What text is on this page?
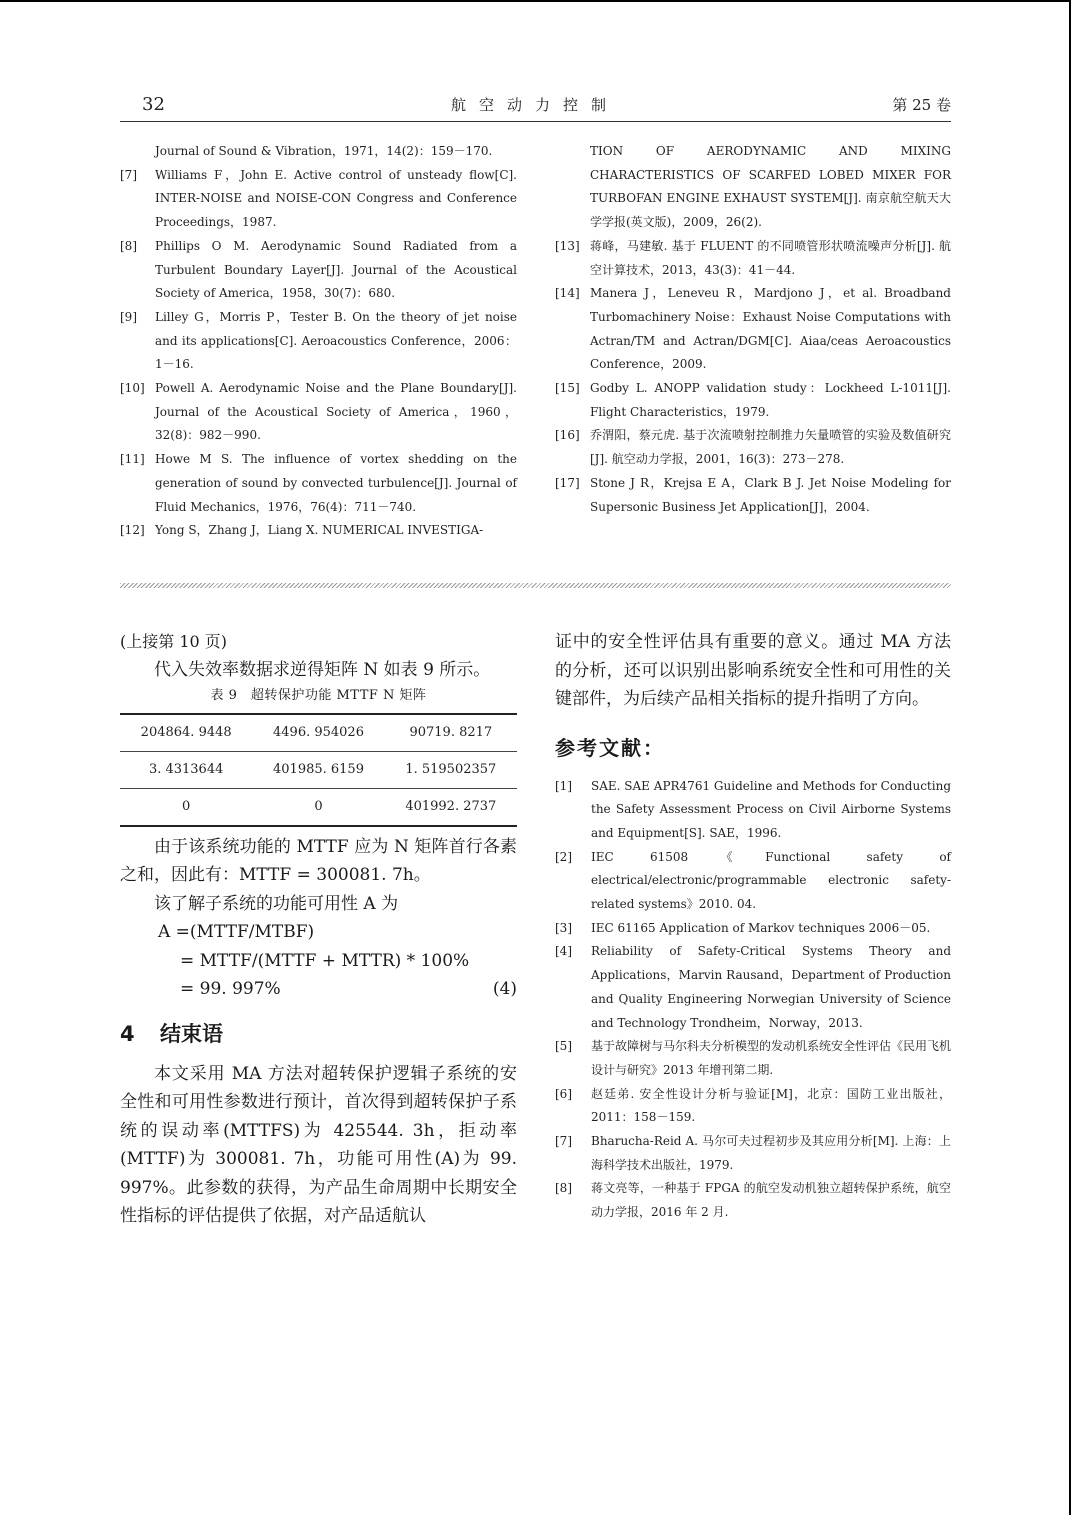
32	航空动力控制	第 25 卷
Journal of Sound & Vibration，1971，14(2)：159－170.
[7]	Williams F，John E. Active control of unsteady flow[C]. INTER-NOISE and NOISE-CON Congress and Conference Proceedings，1987.
[8]	Phillips O M. Aerodynamic Sound Radiated from a Turbulent Boundary Layer[J]. Journal of the Acoustical Society of America，1958，30(7)：680.
[9]	Lilley G，Morris P，Tester B. On the theory of jet noise and its applications[C]. Aeroacoustics Conference，2006：1－16.
[10] Powell A. Aerodynamic Noise and the Plane Boundary[J]. Journal of the Acoustical Society of America，1960，32(8)：982－990.
[11] Howe M S. The influence of vortex shedding on the generation of sound by convected turbulence[J]. Journal of Fluid Mechanics，1976，76(4)：711－740.
[12] Yong S，Zhang J，Liang X. NUMERICAL INVESTIGA-
TION OF AERODYNAMIC AND MIXING CHARACTERISTICS OF SCARFED LOBED MIXER FOR TURBOFAN ENGINE EXHAUST SYSTEM[J]. 南京航空航天大学学报(英文版)，2009，26(2).
[13] 蒋峰，马建敏. 基于 FLUENT 的不同喷管形状喷流噪声分析[J]. 航空计算技术，2013，43(3)：41－44.
[14] Manera J，Leneveu R，Mardjono J，et al. Broadband Turbomachinery Noise：Exhaust Noise Computations with Actran/TM and Actran/DGM[C]. Aiaa/ceas Aeroacoustics Conference，2009.
[15] Godby L. ANOPP validation study：Lockheed L-1011[J]. Flight Characteristics，1979.
[16] 乔渭阳，蔡元虎. 基于次流喷射控制推力矢量喷管的实验及数值研究[J]. 航空动力学报，2001，16(3)：273－278.
[17] Stone J R，Krejsa E A，Clark B J. Jet Noise Modeling for Supersonic Business Jet Application[J]，2004.

(上接第 10 页)

代入失效率数据求逆得矩阵 N 如表 9 所示。

表 9　超转保护功能 MTTF N 矩阵

204864. 9448	4496. 954026	90719. 8217
3. 4313644	401985. 6159	1. 519502357
0	0	401992. 2737

由于该系统功能的 MTTF 应为 N 矩阵首行各素之和，因此有：MTTF = 300081. 7h。

该了解子系统的功能可用性 A 为

A =(MTTF/MTBF)
= MTTF/(MTTF + MTTR) * 100%
= 99. 997%	(4)
4 结束语

本文采用 MA 方法对超转保护逻辑子系统的安全性和可用性参数进行预计，首次得到超转保护子系统的误动率(MTTFS)为 425544. 3h，拒动率(MTTF)为 300081. 7h，功能可用性(A)为 99. 997%。此参数的获得，为产品生命周期中长期安全性指标的评估提供了依据，对产品适航认

证中的安全性评估具有重要的意义。通过 MA 方法的分析，还可以识别出影响系统安全性和可用性的关键部件，为后续产品相关指标的提升指明了方向。

参考文献：
[1]	SAE. SAE APR4761 Guideline and Methods for Conducting the Safety Assessment Process on Civil Airborne Systems and Equipment[S]. SAE，1996.
[2]	IEC 61508《Functional safety of electrical/electronic/programmable electronic safety-related systems》2010. 04.
[3]	IEC 61165 Application of Markov techniques 2006－05.
[4]	Reliability of Safety-Critical Systems Theory and Applications，Marvin Rausand，Department of Production and Quality Engineering Norwegian University of Science and Technology Trondheim，Norway，2013.
[5]	基于故障树与马尔科夫分析模型的发动机系统安全性评估《民用飞机设计与研究》2013 年增刊第二期.
[6]	赵廷弟. 安全性设计分析与验证[M]，北京：国防工业出版社，2011：158－159.
[7]	Bharucha-Reid A. 马尔可夫过程初步及其应用分析[M]. 上海：上海科学技术出版社，1979.
[8]	蒋文亮等，一种基于 FPGA 的航空发动机独立超转保护系统，航空动力学报，2016 年 2 月.
